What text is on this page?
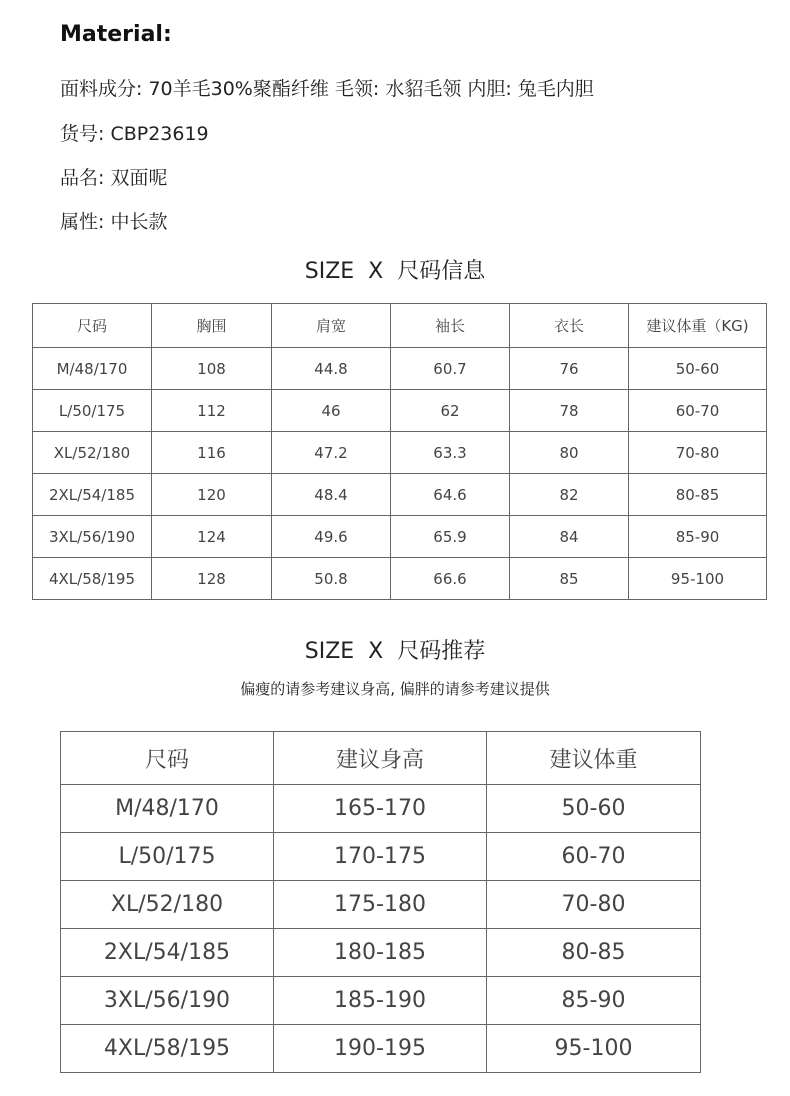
Material:
面料成分: 70羊毛30%聚酯纤维 毛领: 水貂毛领 内胆: 兔毛内胆
货号: CBP23619
品名: 双面呢
属性: 中长款
SIZE  X  尺码信息
尺码	胸围	肩宽	袖长	衣长	建议体重（KG)
M/48/170	108	44.8	60.7	76	50-60
L/50/175	112	46	62	78	60-70
XL/52/180	116	47.2	63.3	80	70-80
2XL/54/185	120	48.4	64.6	82	80-85
3XL/56/190	124	49.6	65.9	84	85-90
4XL/58/195	128	50.8	66.6	85	95-100
SIZE  X  尺码推荐
偏瘦的请参考建议身高, 偏胖的请参考建议提供
尺码	建议身高	建议体重
M/48/170	165-170	50-60
L/50/175	170-175	60-70
XL/52/180	175-180	70-80
2XL/54/185	180-185	80-85
3XL/56/190	185-190	85-90
4XL/58/195	190-195	95-100
